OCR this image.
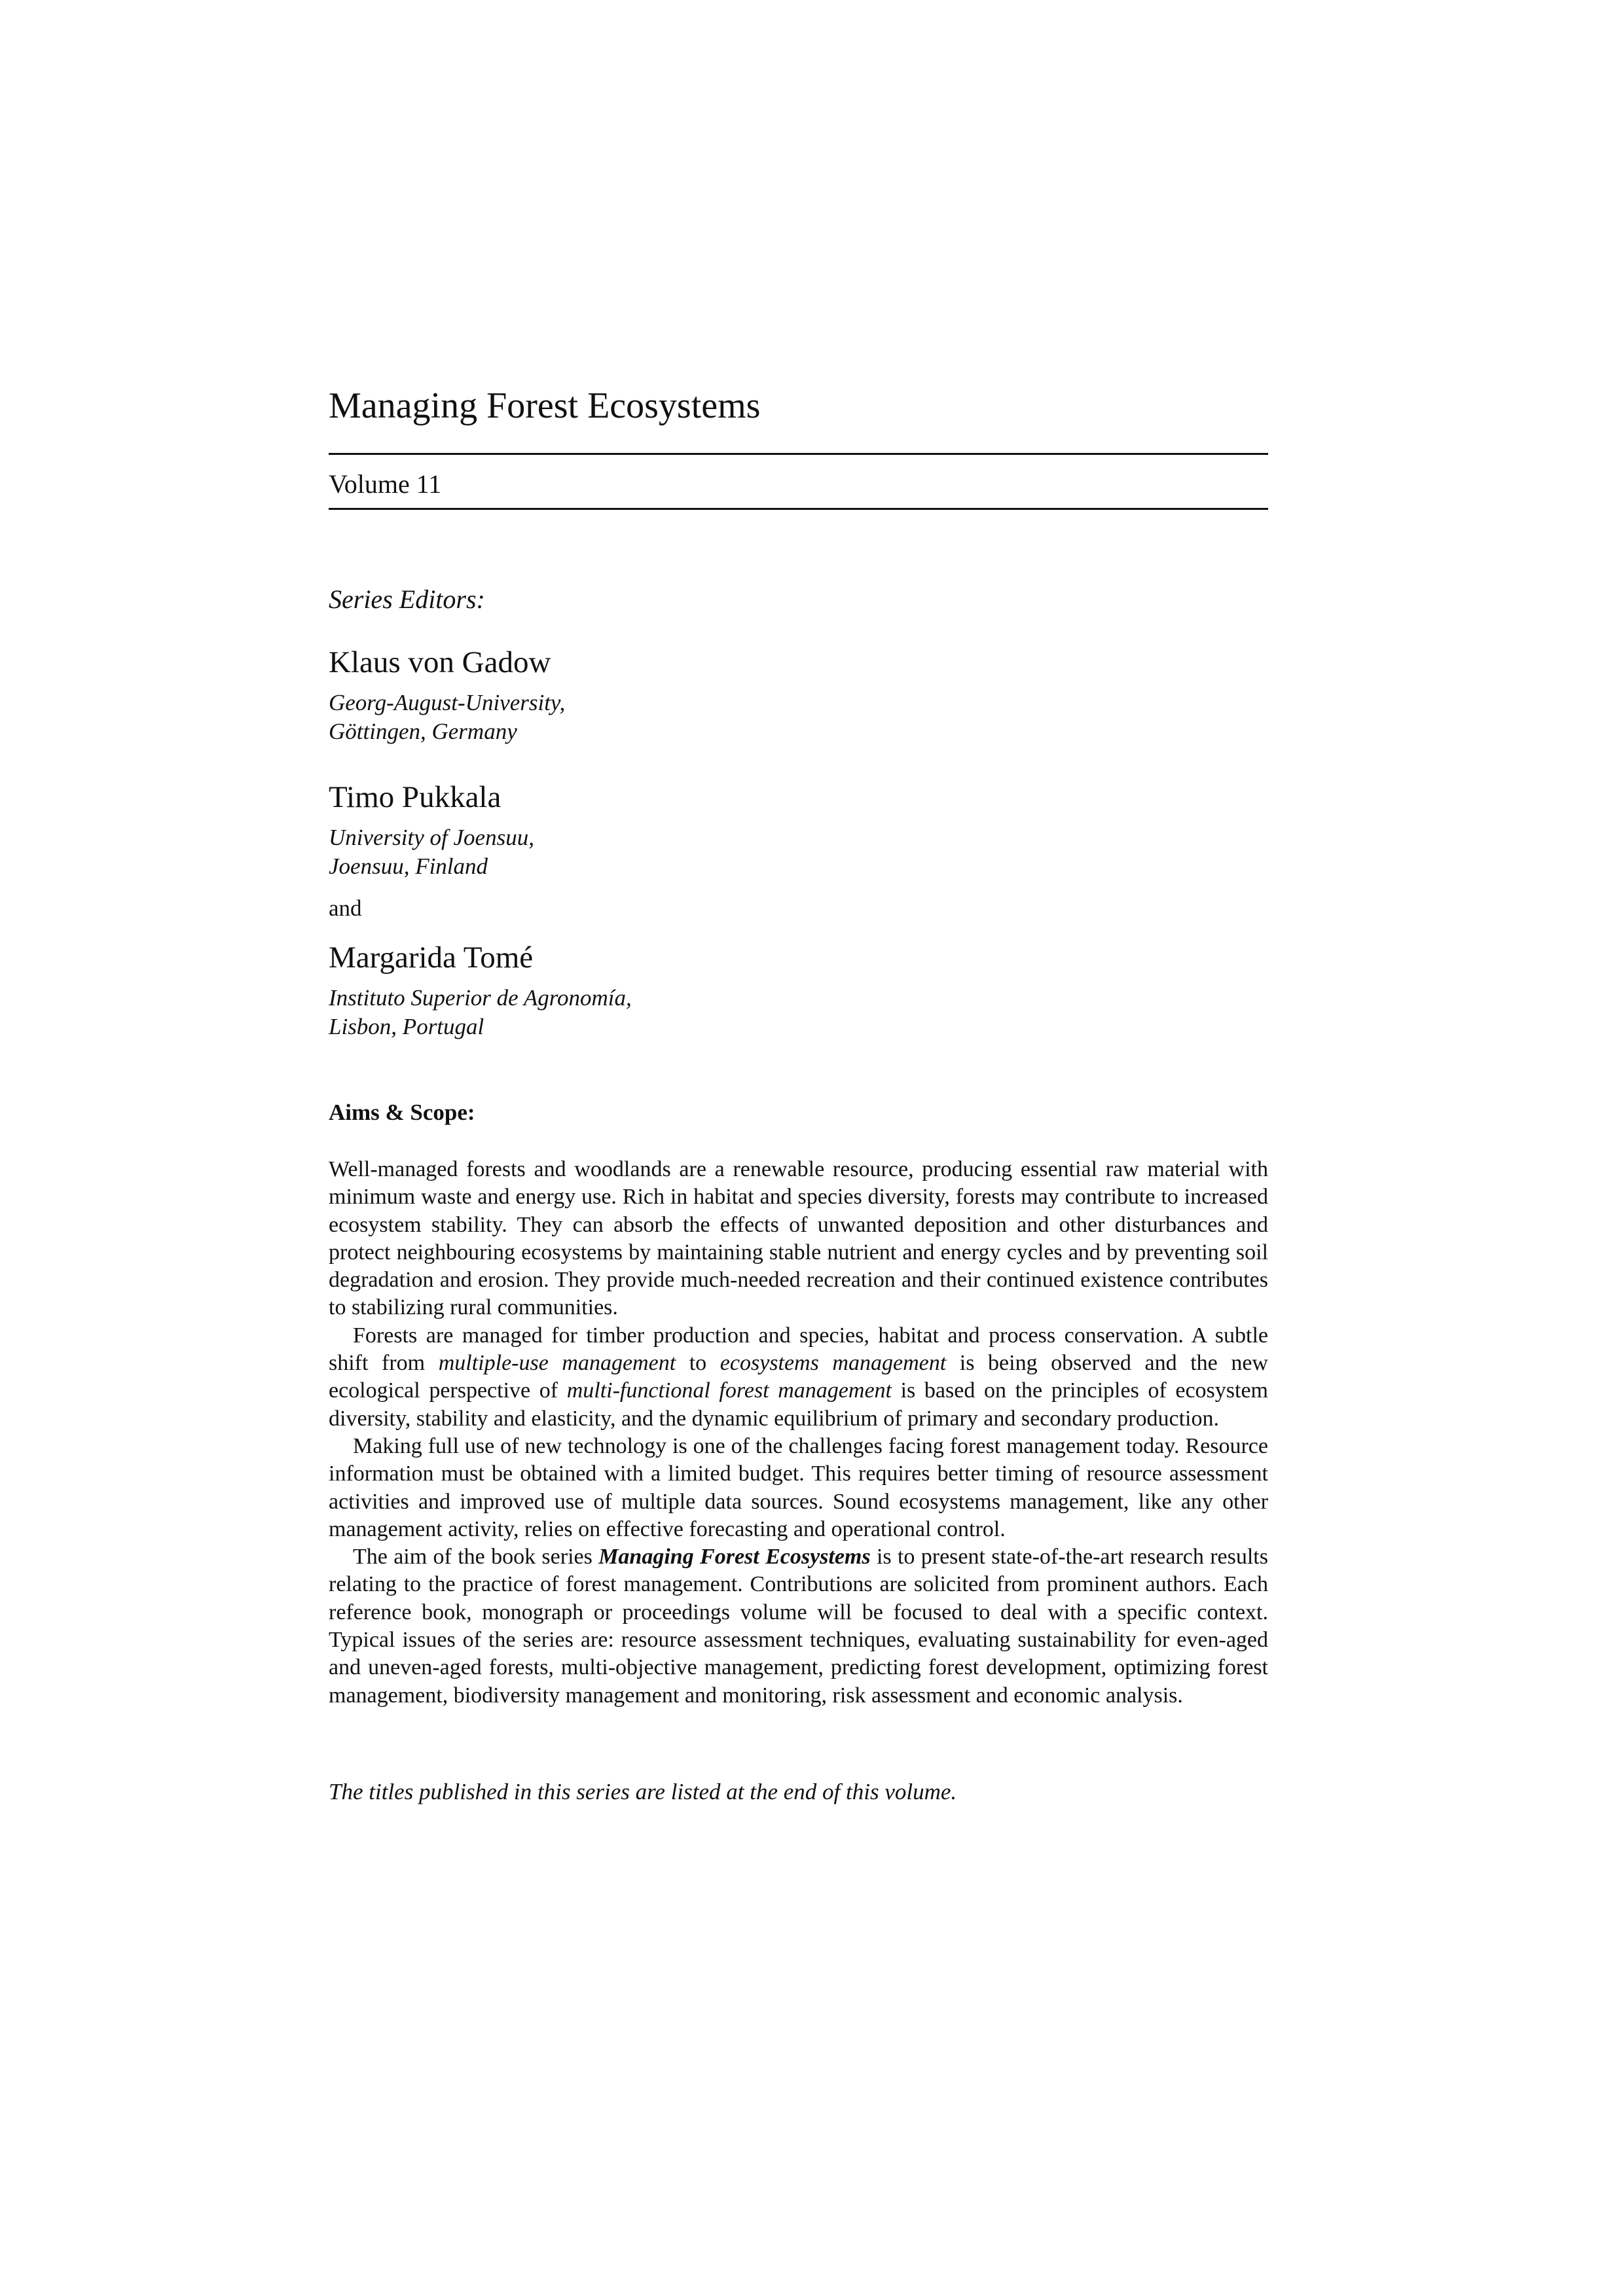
Managing Forest Ecosystems
Volume 11
Series Editors:
Klaus von Gadow
Georg-August-University,
Göttingen, Germany
Timo Pukkala
University of Joensuu,
Joensuu, Finland
and
Margarida Tomé
Instituto Superior de Agronomía,
Lisbon, Portugal
Aims & Scope:

Well-managed forests and woodlands are a renewable resource, producing essential raw material with minimum waste and energy use. Rich in habitat and species diversity, forests may contribute to increased ecosystem stability. They can absorb the effects of unwanted deposition and other disturbances and protect neighbouring ecosystems by maintaining stable nutrient and energy cycles and by preventing soil degradation and erosion. They provide much-needed recreation and their continued existence contributes to stabilizing rural communities.

Forests are managed for timber production and species, habitat and process conservation. A subtle shift from multiple-use management to ecosystems management is being observed and the new ecological perspective of multi-functional forest management is based on the principles of ecosystem diversity, stability and elasticity, and the dynamic equilibrium of primary and secondary production.

Making full use of new technology is one of the challenges facing forest management today. Resource information must be obtained with a limited budget. This requires better timing of resource assessment activities and improved use of multiple data sources. Sound ecosystems management, like any other management activity, relies on effective forecasting and operational control.

The aim of the book series Managing Forest Ecosystems is to present state-of-the-art research results relating to the practice of forest management. Contributions are solicited from prominent authors. Each reference book, monograph or proceedings volume will be focused to deal with a specific context. Typical issues of the series are: resource assessment techniques, evaluating sustainability for even-aged and uneven-aged forests, multi-objective management, predicting forest development, optimizing forest management, biodiversity management and monitoring, risk assessment and economic analysis.

The titles published in this series are listed at the end of this volume.
